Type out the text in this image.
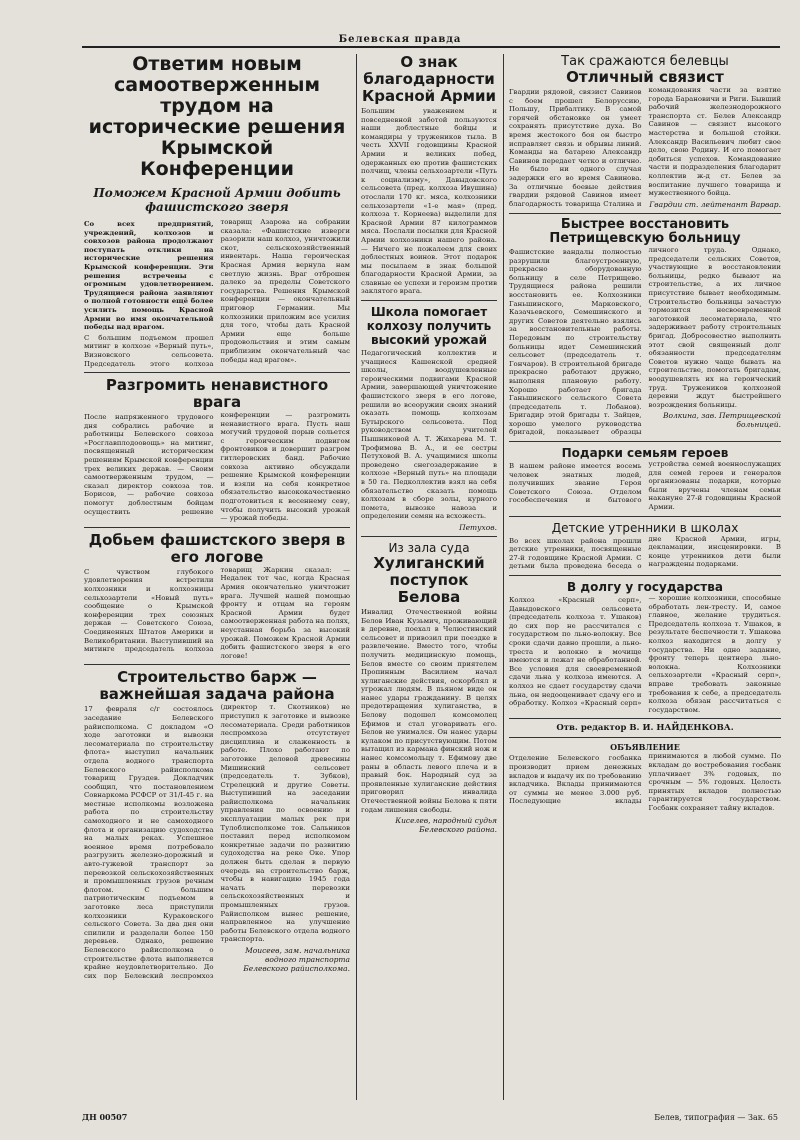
Белевская правда
Ответим новым самоотверженным трудом на исторические решения Крымской Конференции
Поможем Красной Армии добить фашистского зверя

Со всех предприятий, учреждений, колхозов и совхозов района продолжают поступать отклики на исторические решения Крымской конференции. Эти решения встречены с огромным удовлетворением. Трудящиеся района заявляют о полной готовности ещё более усилить помощь Красной Армии во имя окончательной победы над врагом.

С большим подъемом прошел митинг в колхозе «Верный путь», Визновского сельсовета. Председатель этого колхоза товарищ Азарова на собрании сказала: «Фашистские изверги разорили наш колхоз, уничтожили скот, сельскохозяйственный инвентарь. Наша героическая Красная Армия вернула нам светлую жизнь. Враг отброшен далеко за пределы Советского государства. Решения Крымской конференции — окончательный приговор Германии. Мы колхозники приложим все усилия для того, чтобы дать Красной Армии еще больше продовольствия и этим самым приблизим окончательный час победы над врагом».

Разгромить ненавистного врага

После напряженного трудового дня собрались рабочие и работницы Белевского совхоза «Росглавплодоовощь» на митинг, посвященный историческим решениям Крымской конференции трех великих держав. — Своим самоотверженным трудом, — сказал директор совхоза тов. Борисов, — рабочие совхоза помогут доблестным бойцам осуществить решение конференции — разгромить ненавистного врага. Пусть наш могучий трудовой порыв сольется с героическим подвигом фронтовиков и довершит разгром гитлеровских банд. Рабочие совхоза активно обсуждали решение Крымской конференции и взяли на себя конкретное обязательство высококачественно подготовиться к весеннему севу, чтобы получить высокий урожай — урожай победы.

Добьем фашистского зверя в его логове

С чувством глубокого удовлетворения встретили колхозники и колхозницы сельхозартели «Новый путь» сообщение о Крымской конференции трех союзных держав — Советского Союза, Соединенных Штатов Америки и Великобритании. Выступивший на митинге председатель колхоза товарищ Жаркин сказал: — Недалек тот час, когда Красная Армия окончательно уничтожит врага. Лучшей нашей помощью фронту и отцам на героям Красной Армии будет самоотверженная работа на полях, неустанная борьба за высокий урожай. Поможем Красной Армии добить фашистского зверя в его логове!

Строительство барж — важнейшая задача района

17 февраля с/г состоялось заседание Белевского райисполкома. С докладом «О ходе заготовки и вывозки лесоматериала по строительству флота» выступил начальник отдела водного транспорта Белевского райисполкома товарищ Груздев. Докладчик сообщил, что постановлением Совнаркома РСФСР от 31/I-45 г. на местные исполкомы возложена работа по строительству самоходного и не самоходного флота и организацию судоходства на малых реках. Успешное военное время потребовало разгрузить железно-дорожный и авто-гужевой транспорт за перевозкой сельскохозяйственных и промышленных грузов речным флотом. С большим патриотическим подъемом в заготовке леса приступили колхозники Кураковского сельского Совета. За два дня они спилили и разделали более 150 деревьев. Однако, решение Белевского райисполкома о строительстве флота выполняется крайне неудовлетворительно. До сих пор Белевский леспромхоз (директор т. Скотников) не приступил к заготовке и вывозке лесоматериала. Среди работников леспромхоза отсутствует дисциплина и слаженность в работе. Плохо работают по заготовке деловой древесины Мишинский сельсовет (председатель т. Зубков), Стрелецкий и другие Советы. Выступивший на заседании райисполкома начальник управления по освоению и эксплуатации малых рек при Тулоблисполкоме тов. Сальников поставил перед исполкомом конкретные задачи по развитию судоходства на реке Оке. Упор должен быть сделан в первую очередь на строительство барж, чтобы в навигацию 1945 года начать перевозки сельскохозяйственных и промышленных грузов. Райисполком вынес решение, направленное на улучшение работы Белевского отдела водного транспорта.

Моисеев, зам. начальника водного транспорта Белевского райисполкома.

О знак благодарности Красной Армии

Большим уважением и повседневной заботой пользуются наши доблестные бойцы и командиры у тружеников тыла. В честь XXVII годовщины Красной Армии и великих побед, одержанных ею против фашистских полчищ, члены сельхозартели «Путь к социализму», Давыдовского сельсовета (пред. колхоза Ивушина) отослали 170 кг. мяса, колхозники сельхозартели «1-е мая» (пред. колхоза т. Корнеева) выделили для Красной Армии 87 килограммов мяса. Послали посылки для Красной Армии колхозники нашего района. — Ничего не пожалеем для своих доблестных воинов. Этот подарок мы посылаем в знак большой благодарности Красной Армии, за славные ее успехи и героизм против заклятого врага.

Школа помогает колхозу получить высокий урожай

Педагогический коллектив и учащиеся Кашенской средней школы, воодушевленные героическими подвигами Красной Армии, завершающей уничтожение фашистского зверя в его логове, решили во всеоружии своих знаний оказать помощь колхозам Бутырского сельсовета. Под руководством учителей Пышниковой А. Т. Жихарева М. Т. Трофимова В. А., и ее сестры Петуховой В. А. учащимися школы проведено снегозадержание в колхозе «Верный путь» на площади в 50 га. Педколлектив взял на себя обязательство сказать помощь колхозам в сборе золы, курного помета, вывозке навоза и определении семян на всхожесть.

Петухов.

Из зала суда
Хулиганский поступок Белова

Инвалид Отечественной войны Белов Иван Кузьмич, проживающий в деревне, поехал в Челюстинский сельсовет и привозил при поездке в развлечение. Вместо того, чтобы получить медицинскую помощь, Белов вместе со своим приятелем Пропинным Василием начал хулиганские действия, оскорблял и угрожал людям. В пьяном виде он нанес удары гражданину. В целях предотвращения хулиганства, в Белову подошел комсомолец Ефимов и стал уговаривать его. Белов не унимался. Он нанес удары кулаком по присутствующим. Потом вытащил из кармана финский нож и нанес комсомольцу т. Ефимову две раны в область левого плеча и в правый бок. Народный суд за проявленные хулиганские действия приговорил инвалида Отечественной войны Белова к пяти годам лишения свободы.

Киселев, народный судья Белевского района.

Так сражаются белевцы
Отличный связист

Гвардии рядовой, связист Савинов с боем прошел Белоруссию, Польшу, Прибалтику. В самой горячей обстановке он умеет сохранять присутствие духа. Во время жестокого боя он быстро исправляет связь и обрывы линий. Команды на батарею Александр Савинов передает четко и отлично. Не было ни одного случая задержки его во время Савинова. За отличные боевые действия гвардии рядовой Савинов имеет благодарность товарища Сталина и командования части за взятие города Барановичи и Риги. Бывший рабочий железнодорожного транспорта ст. Белев Александр Савинов — связист высокого мастерства и большой стойки. Александр Васильевич любит свое дело, свою Родину. И его помогает добиться успехов. Командование части и подразделения благодарит коллектив ж-д ст. Белев за воспитание лучшего товарища и мужественного бойца.

Гвардии ст. лейтенант Варвар.

Быстрее восстановить Петрищевскую больницу

Фашистские вандалы полностью разрушили благоустроенную, прекрасно оборудованную больницу в селе Петрищево. Трудящиеся района решили восстановить ее. Колхозники Ганьшинского, Марковского, Казачьевского, Семешинского и других Советов деятельно взялись за восстановительные работы. Передовым по строительству больницы идет Семешинский сельсовет (председатель т. Гончаров). В строительной бригаде прекрасно работают дружно, выполняя плановую работу. Хорошо работает бригада Ганьшинского сельского Совета (председатель т. Лобанов). Бригадир этой бригады т. Зайцев, хорошо умелого руководства бригадой, показывает образцы личного труда. Однако, председатели сельских Советов, участвующие в восстановлении больницы, редко бывают на строительстве, а их личное присутствие бывает необходимым. Строительство больницы зачастую тормозится несвоевременной заготовкой лесоматериала, что задерживает работу строительных бригад. Добросовестно выполнить этот свой священный долг обязанности председателям Советов нужно чаще бывать на строительстве, помогать бригадам, воодушевлять их на героический труд. Тружеников колхозной деревни ждут быстрейшего возрождения больницы.

Волкина, зав. Петрищевской больницей.

Подарки семьям героев

В нашем районе имеется восемь человек знатных людей, получивших звание Героя Советского Союза. Отделом гособеспечения и бытового устройства семей военнослужащих для семей героев и генералов организованы подарки, которые были вручены членам семьи накануне 27-й годовщины Красной Армии.

Детские утренники в школах

Во всех школах района прошли детские утренники, посвященные 27-й годовщине Красной Армии. С детьми была проведена беседа о дне Красной Армии, игры, декламации, инсценировки. В конце утренников дети были награждены подарками.

В долгу у государства

Колхоз «Красный серп», Давыдовского сельсовета (председатель колхоза т. Ушаков) до сих пор не рассчитался с государством по льно-волокну. Все сроки сдачи давно прошли, а льно-треста и волокно в мочище имеются и лежат не обработанной. Все условия для своевременной сдачи льна у колхоза имеются. А колхоз не сдает государству сдачи льна, он недооценивает сдачу его и обработку. Колхоз «Красный серп» — хорошие колхозники, способные обработать лен-тресту. И, самое главное, желание трудиться. Председатель колхоза т. Ушаков, в результате беспечности т. Ушакова колхоз находится в долгу у государства. Ни одно задание, фронту теперь центнера льно-волокна. Колхозники сельхозартели «Красный серп», вправе требовать законные требования к себе, а председатель колхоза обязан рассчитаться с государством.

Отв. редактор В. И. НАЙДЕНКОВА.
ОБЪЯВЛЕНИЕ

Отделение Белевского госбанка производит прием денежных вкладов и выдачу их по требованию вкладчика. Вклады принимаются от суммы не менее 3.000 руб. Последующие вклады принимаются в любой сумме. По вкладам до востребования госбанк уплачивает 3% годовых, по срочным — 5% годовых. Целость принятых вкладов полностью гарантируется государством. Госбанк сохраняет тайну вкладов.

ДН 00507	Белев, типография — Зак. 65
